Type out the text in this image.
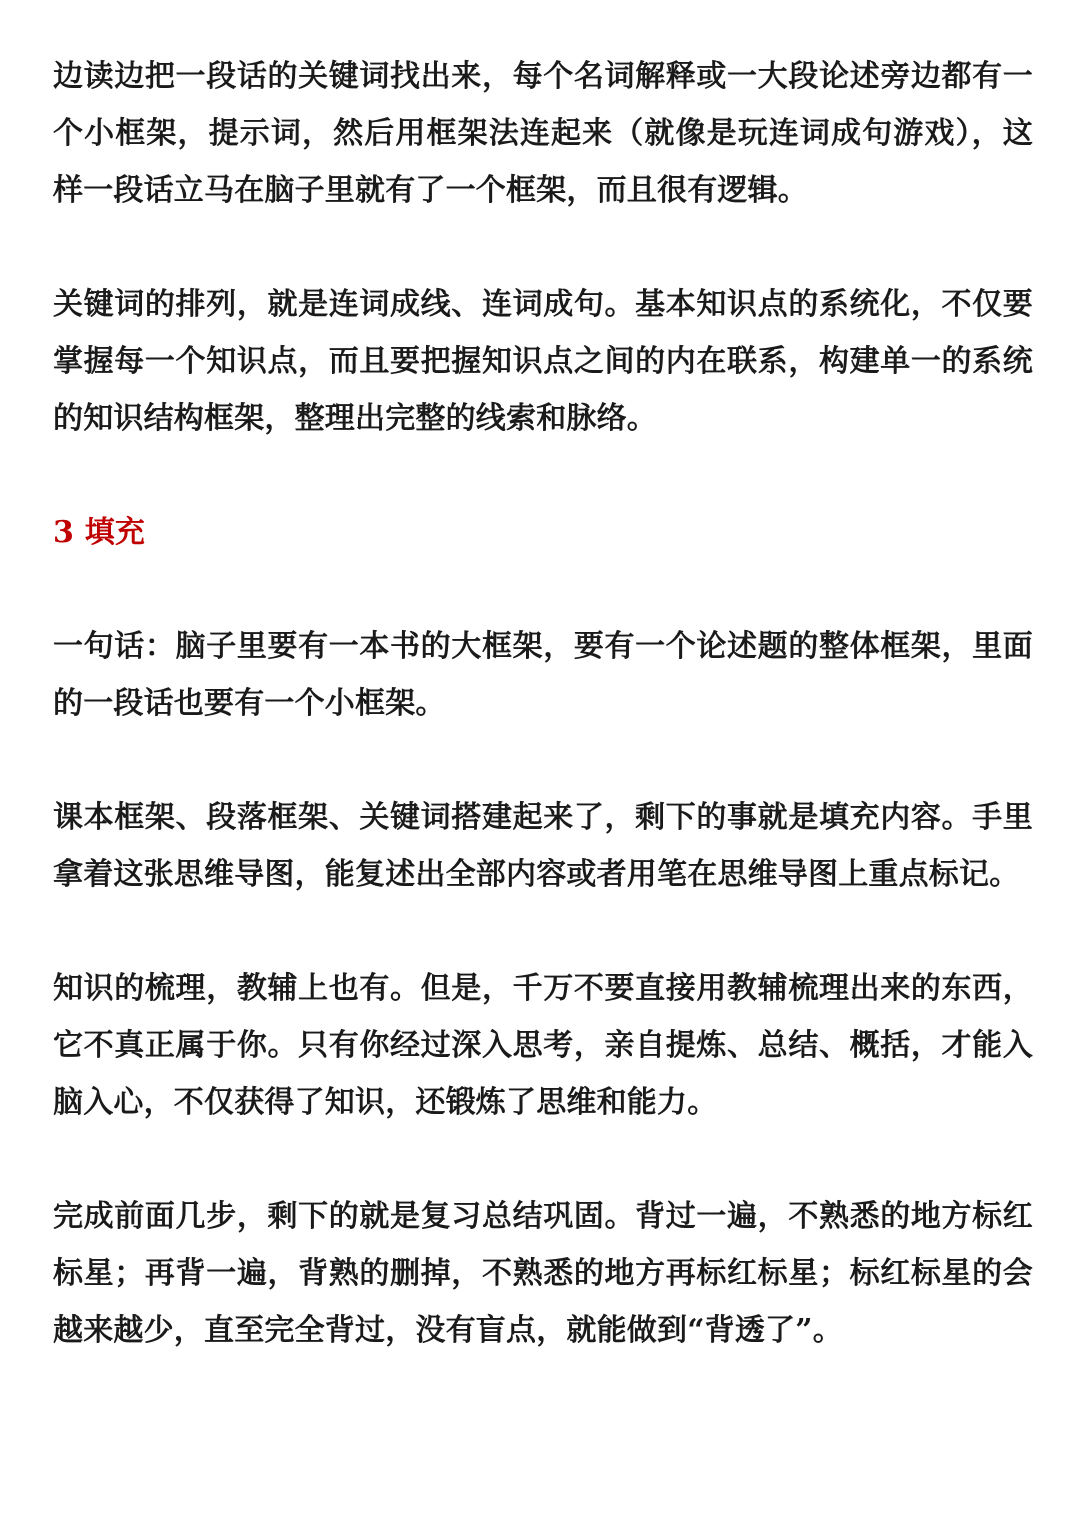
边读边把一段话的关键词找出来，每个名词解释或一大段论述旁边都有一个小框架，提示词，然后用框架法连起来（就像是玩连词成句游戏），这样一段话立马在脑子里就有了一个框架，而且很有逻辑。

关键词的排列，就是连词成线、连词成句。基本知识点的系统化，不仅要掌握每一个知识点，而且要把握知识点之间的内在联系，构建单一的系统的知识结构框架，整理出完整的线索和脉络。

3 填充

一句话：脑子里要有一本书的大框架，要有一个论述题的整体框架，里面的一段话也要有一个小框架。

课本框架、段落框架、关键词搭建起来了，剩下的事就是填充内容。手里拿着这张思维导图，能复述出全部内容或者用笔在思维导图上重点标记。

知识的梳理，教辅上也有。但是，千万不要直接用教辅梳理出来的东西，它不真正属于你。只有你经过深入思考，亲自提炼、总结、概括，才能入脑入心，不仅获得了知识，还锻炼了思维和能力。

完成前面几步，剩下的就是复习总结巩固。背过一遍，不熟悉的地方标红标星；再背一遍，背熟的删掉，不熟悉的地方再标红标星；标红标星的会越来越少，直至完全背过，没有盲点，就能做到“背透了”。
